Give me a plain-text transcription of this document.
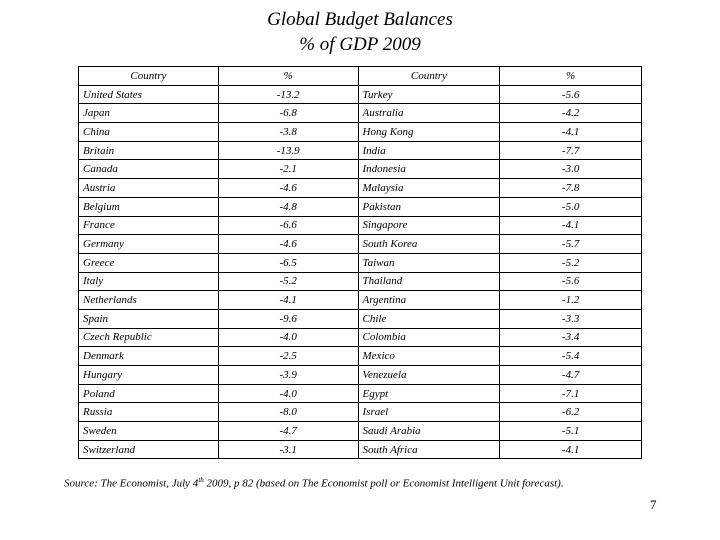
Global Budget Balances
% of GDP 2009
Country	%	Country	%
United States	-13.2	Turkey	-5.6
Japan	-6.8	Australia	-4.2
China	-3.8	Hong Kong	-4.1
Britain	-13.9	India	-7.7
Canada	-2.1	Indonesia	-3.0
Austria	-4.6	Malaysia	-7.8
Belgium	-4.8	Pakistan	-5.0
France	-6.6	Singapore	-4.1
Germany	-4.6	South Korea	-5.7
Greece	-6.5	Taiwan	-5.2
Italy	-5.2	Thailand	-5.6
Netherlands	-4.1	Argentina	-1.2
Spain	-9.6	Chile	-3.3
Czech Republic	-4.0	Colombia	-3.4
Denmark	-2.5	Mexico	-5.4
Hungary	-3.9	Venezuela	-4.7
Poland	-4.0	Egypt	-7.1
Russia	-8.0	Israel	-6.2
Sweden	-4.7	Saudi Arabia	-5.1
Switzerland	-3.1	South Africa	-4.1
Source: The Economist, July 4th 2009, p 82 (based on The Economist poll or Economist Intelligent Unit forecast).
7
